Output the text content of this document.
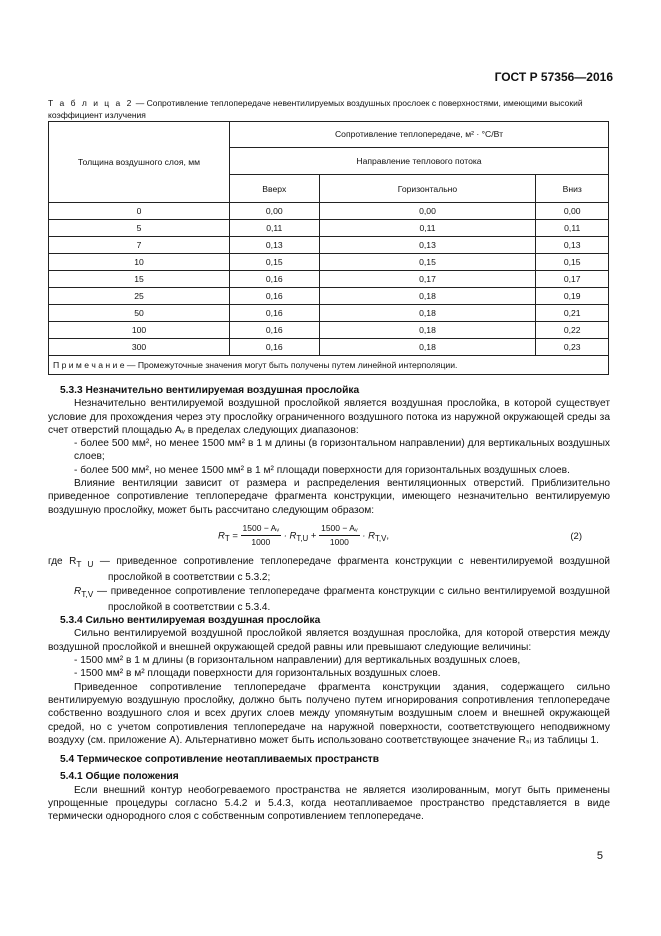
ГОСТ Р 57356—2016
Т а б л и ц а 2 — Сопротивление теплопередаче невентилируемых воздушных прослоек с поверхностями, имеющими высокий коэффициент излучения
Толщина воздушного слоя, мм	Сопротивление теплопередаче, м² · °С/Вт		
	Направление теплового потока		
	Вверх	Горизонтально	Вниз
0	0,00	0,00	0,00
5	0,11	0,11	0,11
7	0,13	0,13	0,13
10	0,15	0,15	0,15
15	0,16	0,17	0,17
25	0,16	0,18	0,19
50	0,16	0,18	0,21
100	0,16	0,18	0,22
300	0,16	0,18	0,23
П р и м е ч а н и е — Промежуточные значения могут быть получены путем линейной интерполяции.			

5.3.3 Незначительно вентилируемая воздушная прослойка

Незначительно вентилируемой воздушной прослойкой является воздушная прослойка, в которой существует условие для прохождения через эту прослойку ограниченного воздушного потока из наружной окружающей среды за счет отверстий площадью Aᵥ в пределах следующих диапазонов:

- более 500 мм², но менее 1500 мм² в 1 м длины (в горизонтальном направлении) для вертикальных воздушных слоев;

- более 500 мм², но менее 1500 мм² в 1 м² площади поверхности для горизонтальных воздушных слоев.

Влияние вентиляции зависит от размера и распределения вентиляционных отверстий. Приблизительно приведенное сопротивление теплопередаче фрагмента конструкции, имеющего незначительно вентилируемую воздушную прослойку, может быть рассчитано следующим образом:

$R_T = \frac{\text{1500 − Aᵥ}}{1000} \cdot R_{T,U} + \frac{\text{1500 − Aᵥ}}{1000} \cdot R_{T,V}$,	(2)

где $R_{T U}$ — приведенное сопротивление теплопередаче фрагмента конструкции с невентилируемой воздушной прослойкой в соответствии с 5.3.2;

$R_{T,V}$ — приведенное сопротивление теплопередаче фрагмента конструкции с сильно вентилируемой воздушной прослойкой в соответствии с 5.3.4.

5.3.4 Сильно вентилируемая воздушная прослойка

Сильно вентилируемой воздушной прослойкой является воздушная прослойка, для которой отверстия между воздушной прослойкой и внешней окружающей средой равны или превышают следующие величины:

- 1500 мм² в 1 м длины (в горизонтальном направлении) для вертикальных воздушных слоев,

- 1500 мм² в м² площади поверхности для горизонтальных воздушных слоев.

Приведенное сопротивление теплопередаче фрагмента конструкции здания, содержащего сильно вентилируемую воздушную прослойку, должно быть получено путем игнорирования сопротивления теплопередаче собственно воздушного слоя и всех других слоев между упомянутым воздушным слоем и внешней окружающей средой, но с учетом сопротивления теплопередаче на наружной поверхности, соответствующего неподвижному воздуху (см. приложение А). Альтернативно может быть использовано соответствующее значение Rₛᵢ из таблицы 1.

5.4 Термическое сопротивление неотапливаемых пространств

5.4.1 Общие положения

Если внешний контур необогреваемого пространства не является изолированным, могут быть применены упрощенные процедуры согласно 5.4.2 и 5.4.3, когда неотапливаемое пространство представляется в виде термически однородного слоя с собственным сопротивлением теплопередаче.

5
